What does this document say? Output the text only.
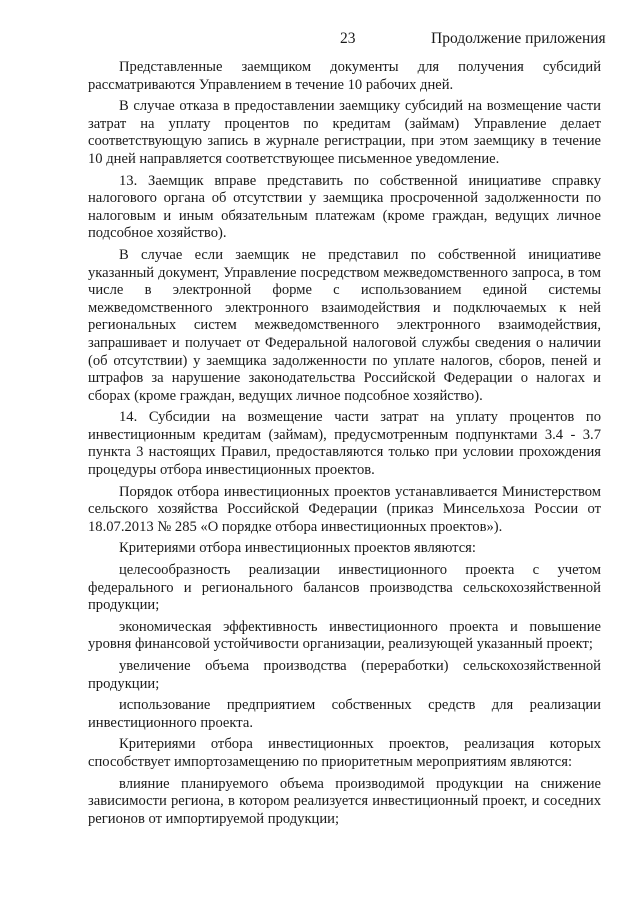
23	Продолжение приложения

Представленные заемщиком документы для получения субсидий рассматриваются Управлением в течение 10 рабочих дней.

В случае отказа в предоставлении заемщику субсидий на возмещение части затрат на уплату процентов по кредитам (займам) Управление делает соответствующую запись в журнале регистрации, при этом заемщику в течение 10 дней направляется соответствующее письменное уведомление.

13. Заемщик вправе представить по собственной инициативе справку налогового органа об отсутствии у заемщика просроченной задолженности по налоговым и иным обязательным платежам (кроме граждан, ведущих личное подсобное хозяйство).

В случае если заемщик не представил по собственной инициативе указанный документ, Управление посредством межведомственного запроса, в том числе в электронной форме с использованием единой системы межведомственного электронного взаимодействия и подключаемых к ней региональных систем межведомственного электронного взаимодействия, запрашивает и получает от Федеральной налоговой службы сведения о наличии (об отсутствии) у заемщика задолженности по уплате налогов, сборов, пеней и штрафов за нарушение законодательства Российской Федерации о налогах и сборах (кроме граждан, ведущих личное подсобное хозяйство).

14. Субсидии на возмещение части затрат на уплату процентов по инвестиционным кредитам (займам), предусмотренным подпунктами 3.4 - 3.7 пункта 3 настоящих Правил, предоставляются только при условии прохождения процедуры отбора инвестиционных проектов.

Порядок отбора инвестиционных проектов устанавливается Министерством сельского хозяйства Российской Федерации (приказ Минсельхоза России от 18.07.2013 № 285 «О порядке отбора инвестиционных проектов»).

Критериями отбора инвестиционных проектов являются:

целесообразность реализации инвестиционного проекта с учетом федерального и регионального балансов производства сельскохозяйственной продукции;

экономическая эффективность инвестиционного проекта и повышение уровня финансовой устойчивости организации, реализующей указанный проект;

увеличение объема производства (переработки) сельскохозяйственной продукции;

использование предприятием собственных средств для реализации инвестиционного проекта.

Критериями отбора инвестиционных проектов, реализация которых способствует импортозамещению по приоритетным мероприятиям являются:

влияние планируемого объема производимой продукции на снижение зависимости региона, в котором реализуется инвестиционный проект, и соседних регионов от импортируемой продукции;
